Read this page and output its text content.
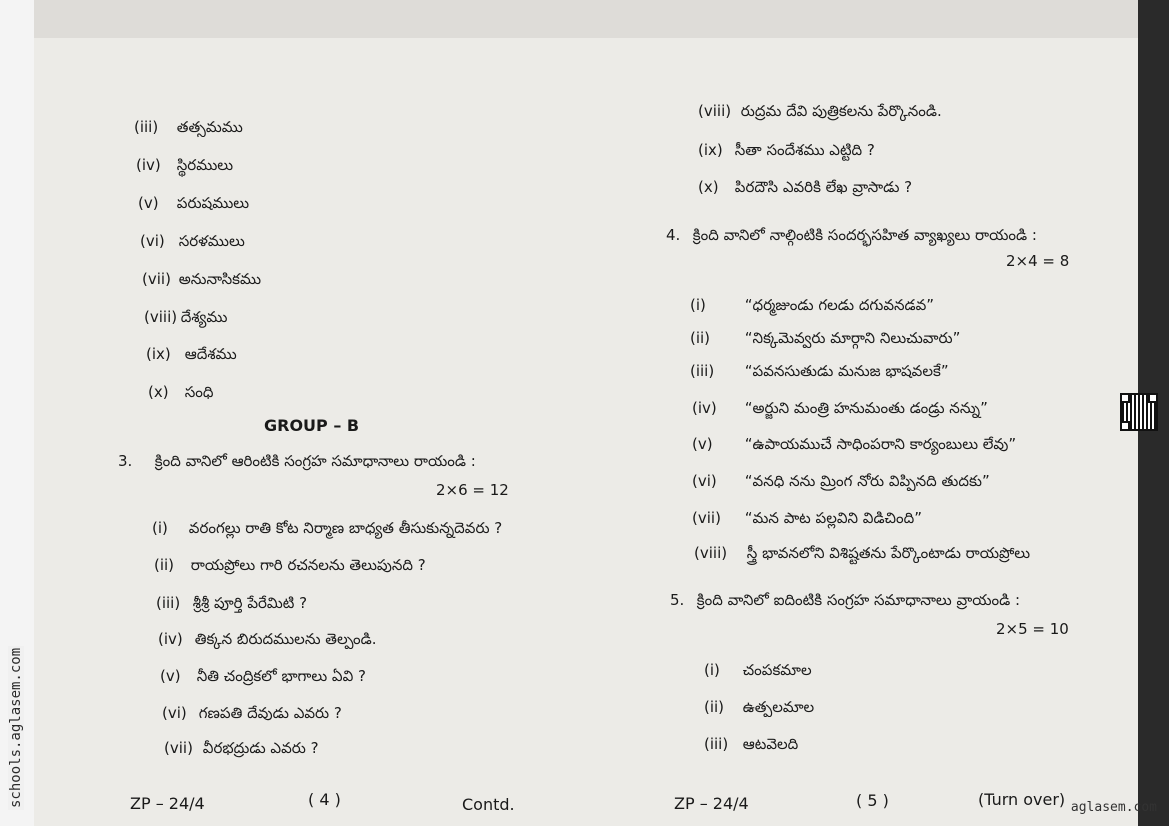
(iii) తత్సమము
(iv) స్థిరములు
(v) పరుషములు
(vi) సరళములు
(vii) అనునాసికము
(viii) దేశ్యము
(ix) ఆదేశము
(x) సంధి
GROUP – B
3. క్రింది వానిలో ఆరింటికి సంగ్రహ సమాధానాలు రాయండి :
2×6 = 12
(i) వరంగల్లు రాతి కోట నిర్మాణ బాధ్యత తీసుకున్నదెవరు ?
(ii) రాయప్రోలు గారి రచనలను తెలుపునది ?
(iii) శ్రీశ్రీ పూర్తి పేరేమిటి ?
(iv) తిక్కన బిరుదములను తెల్పండి.
(v) నీతి చంద్రికలో భాగాలు ఏవి ?
(vi) గణపతి దేవుడు ఎవరు ?
(vii) వీరభద్రుడు ఎవరు ?
(viii) రుద్రమ దేవి పుత్రికలను పేర్కొనండి.
(ix) సీతా సందేశము ఎట్టిది ?
(x) పిరదౌసి ఎవరికి లేఖ వ్రాసాడు ?
4. క్రింది వానిలో నాల్గింటికి సందర్భసహిత వ్యాఖ్యలు రాయండి :
2×4 = 8
(i)	“ధర్మజుండు గలడు దగువనడవ”
(ii) “నిక్కమెవ్వరు మార్గాని నిలుచువారు”
(iii) “పవనసుతుడు మనుజ భాషవలకే”
(iv) “అర్జుని మంత్రి హనుమంతు డండ్రు నన్ను”
(v) “ఉపాయముచే సాధింపరాని కార్యంబులు లేవు”
(vi) “వనధి నను మ్రింగ నోరు విప్పినది తుదకు”
(vii) “మన పాట పల్లవిని విడిచింది”
(viii) స్త్రీ భావనలోని విశిష్టతను పేర్కొంటాడు రాయప్రోలు
5. క్రింది వానిలో ఐదింటికి సంగ్రహ సమాధానాలు వ్రాయండి :
2×5 = 10
(i) చంపకమాల
(ii) ఉత్పలమాల
(iii) ఆటవెలది
ZP – 24/4	( 4 )	Contd.	ZP – 24/4	( 5 )	(Turn over)
schools.aglasem.com	aglasem.com
